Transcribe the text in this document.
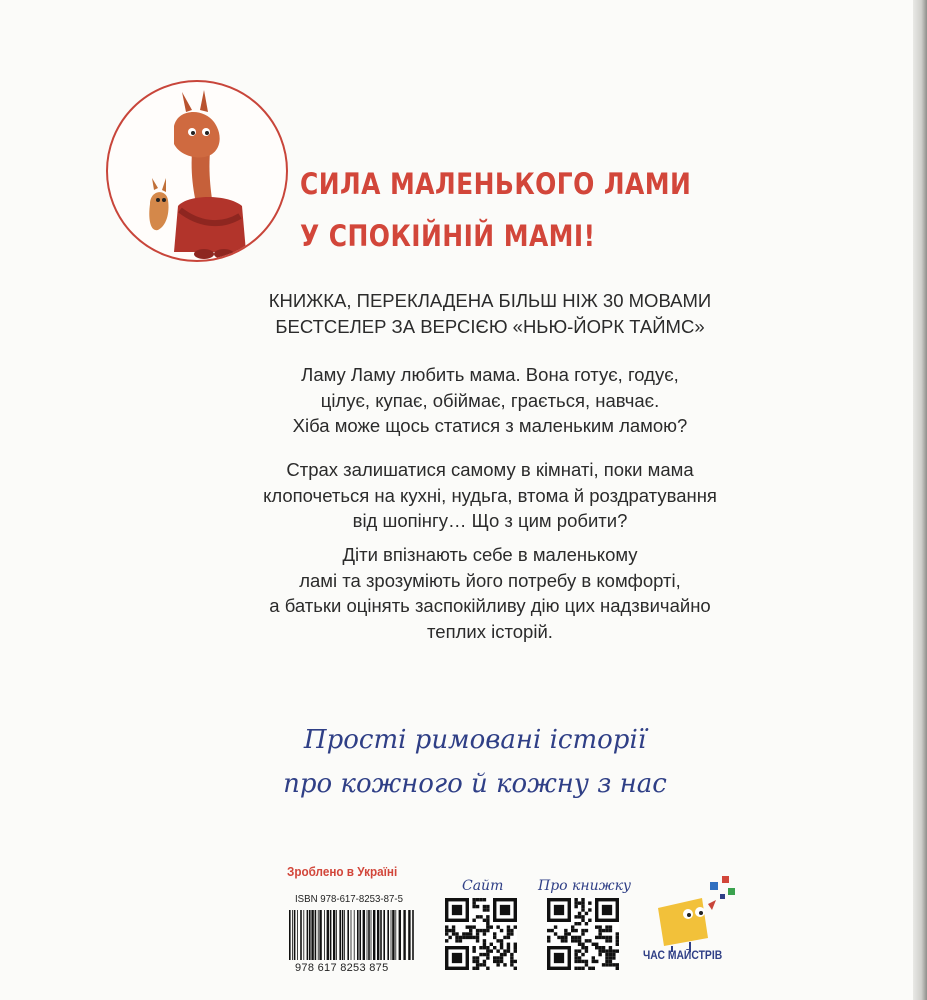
СИЛА МАЛЕНЬКОГО ЛАМИ
У СПОКІЙНІЙ МАМІ!
КНИЖКА, ПЕРЕКЛАДЕНА БІЛЬШ НІЖ 30 МОВАМИ
БЕСТСЕЛЕР ЗА ВЕРСІЄЮ «НЬЮ-ЙОРК ТАЙМС»
Ламу Ламу любить мама. Вона готує, годує,
цілує, купає, обіймає, грається, навчає.
Хіба може щось статися з маленьким ламою?
Страх залишатися самому в кімнаті, поки мама
клопочеться на кухні, нудьга, втома й роздратування
від шопінгу… Що з цим робити?
Діти впізнають себе в маленькому
ламі та зрозуміють його потребу в комфорті,
а батьки оцінять заспокійливу дію цих надзвичайно
теплих історій.
Прості римовані історії
про кожного й кожну з нас
Зроблено в Україні
ISBN 978-617-8253-87-5
978 617 8253 875
Сайт Про книжку
ЧАС МАЙСТРІВ
